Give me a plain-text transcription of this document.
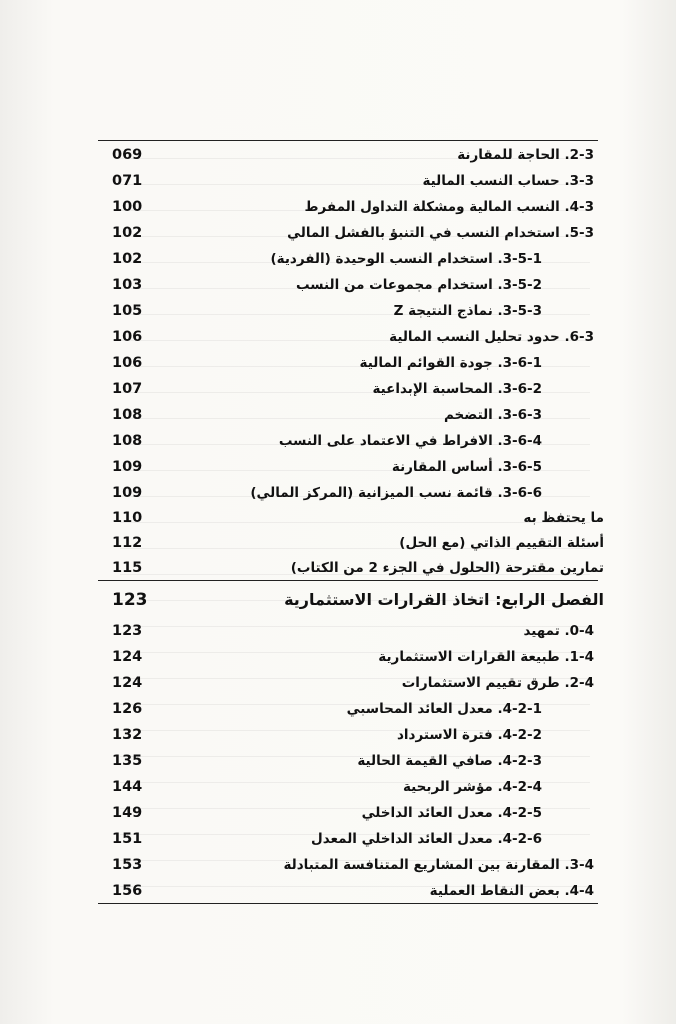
2-3. الحاجة للمقارنة
069
3-3. حساب النسب المالية
071
4-3. النسب المالية ومشكلة التداول المفرط
100
5-3. استخدام النسب في التنبؤ بالفشل المالي
102
3-5-1. استخدام النسب الوحيدة (الفردية)
102
3-5-2. استخدام مجموعات من النسب
103
3-5-3. نماذج النتيجة Z
105
6-3. حدود تحليل النسب المالية
106
3-6-1. جودة القوائم المالية
106
3-6-2. المحاسبة الإبداعية
107
3-6-3. التضخم
108
3-6-4. الافراط في الاعتماد على النسب
108
3-6-5. أساس المقارنة
109
3-6-6. قائمة نسب الميزانية (المركز المالي)
109
ما يحتفظ به
110
أسئلة التقييم الذاتي (مع الحل)
112
تمارين مقترحة (الحلول في الجزء 2 من الكتاب)
115
الفصل الرابع: اتخاذ القرارات الاستثمارية
123
0-4. تمهيد
123
1-4. طبيعة القرارات الاستثمارية
124
2-4. طرق تقييم الاستثمارات
124
4-2-1. معدل العائد المحاسبي
126
4-2-2. فترة الاسترداد
132
4-2-3. صافي القيمة الحالية
135
4-2-4. مؤشر الربحية
144
4-2-5. معدل العائد الداخلي
149
4-2-6. معدل العائد الداخلي المعدل
151
3-4. المقارنة بين المشاريع المتنافسة المتبادلة
153
4-4. بعض النقاط العملية
156
